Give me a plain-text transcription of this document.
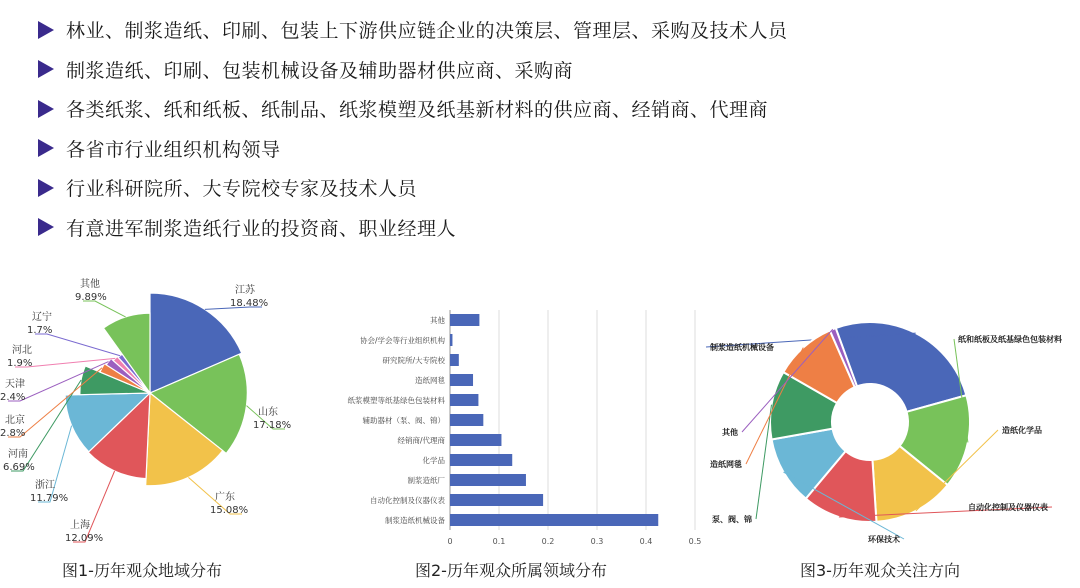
林业、制浆造纸、印刷、包装上下游供应链企业的决策层、管理层、采购及技术人员
制浆造纸、印刷、包装机械设备及辅助器材供应商、采购商
各类纸浆、纸和纸板、纸制品、纸浆模塑及纸基新材料的供应商、经销商、代理商
各省市行业组织机构领导
行业科研院所、大专院校专家及技术人员
有意进军制浆造纸行业的投资商、职业经理人
江苏
18.48%
山东
17.18%
广东
15.08%
上海
12.09%
浙江
11.79%
河南
6.69%
北京
2.8%
天津
2.4%
河北
1.9%
辽宁
1.7%
其他
9.89%
0	0.1	0.2	0.3	0.4	0.5
其他
协会/学会等行业组织机构
研究院所/大专院校
造纸网毯
纸浆模塑等纸基绿色包装材料
辅助器材（泵、阀、锦）
经销商/代理商
化学品
制浆造纸厂
自动化控制及仪器仪表
制浆造纸机械设备
制浆造纸机械设备
纸和纸板及纸基绿色包装材料
造纸化学品
自动化控制及仪器仪表
环保技术
泵、阀、锦
造纸网毯
其他
图1-历年观众地域分布	图2-历年观众所属领域分布	图3-历年观众关注方向
